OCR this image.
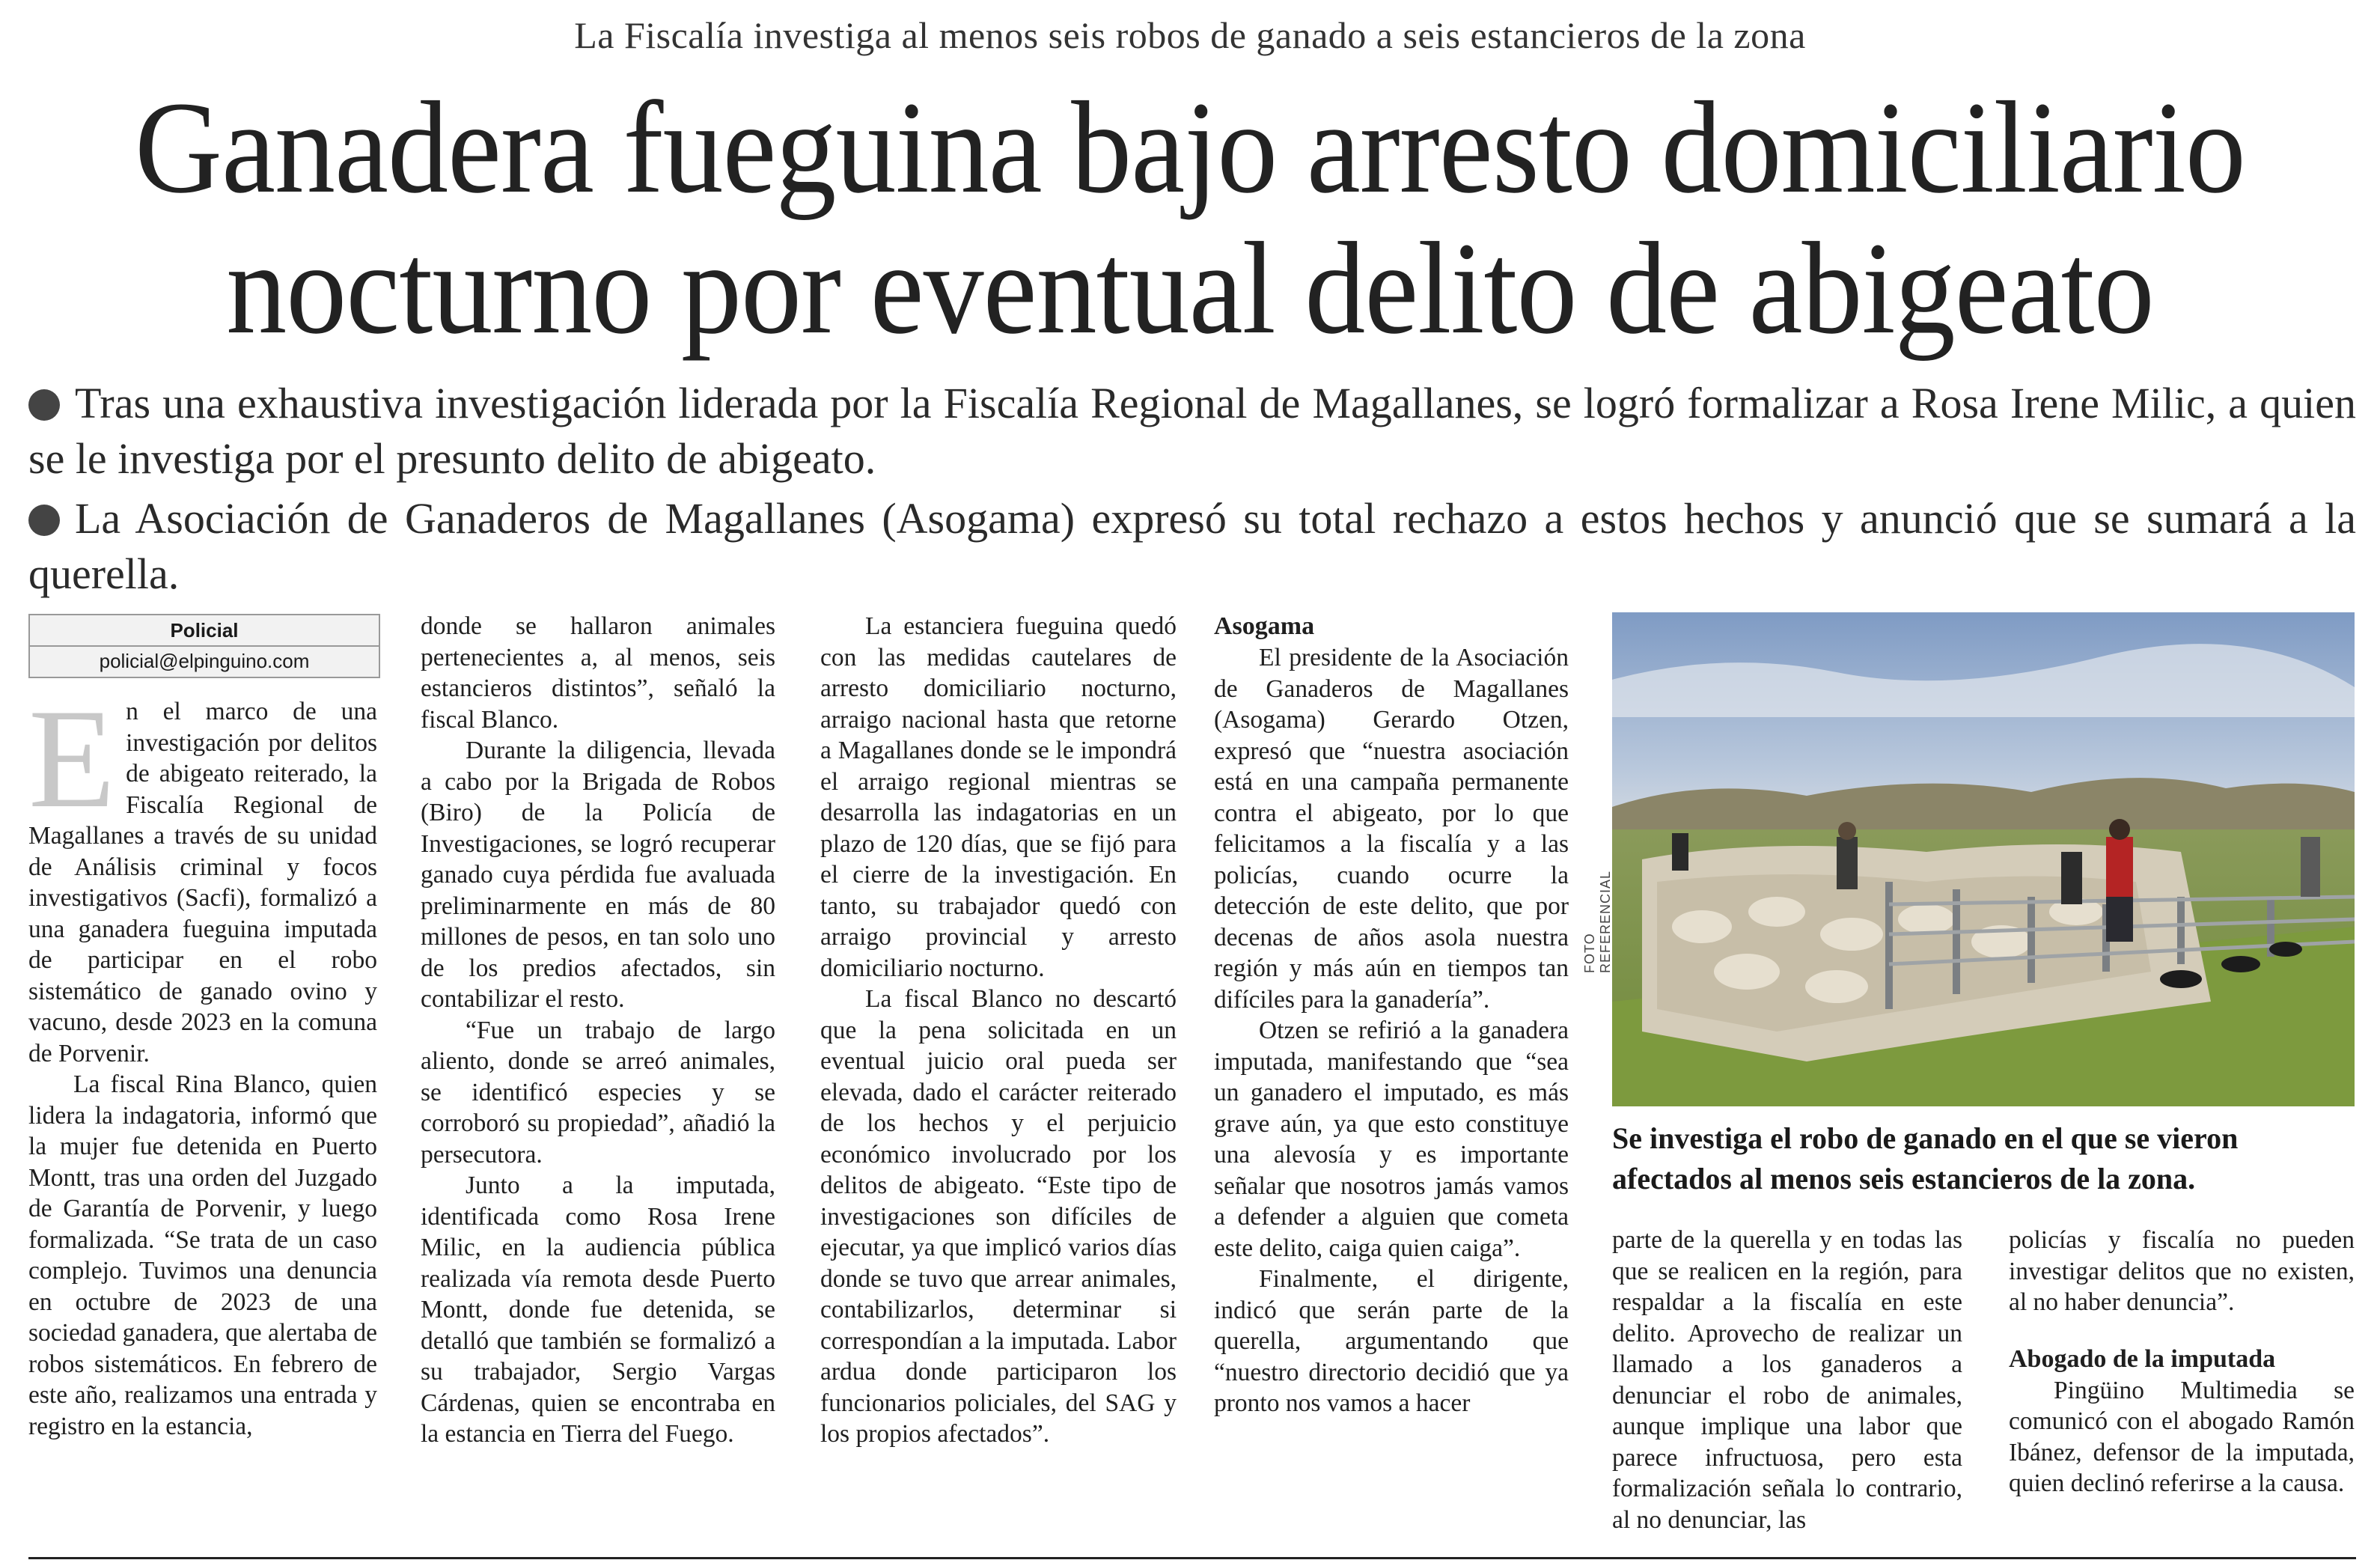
La Fiscalía investiga al menos seis robos de ganado a seis estancieros de la zona
Ganadera fueguina bajo arresto domiciliario
nocturno por eventual delito de abigeato
Tras una exhaustiva investigación liderada por la Fiscalía Regional de Magallanes, se logró formalizar a Rosa Irene Milic, a quien se le investiga por el presunto delito de abigeato.
La Asociación de Ganaderos de Magallanes (Asogama) expresó su total rechazo a estos hechos y anunció que se sumará a la querella.
Policial
policial@elpinguino.com
E n el marco de una investigación por delitos de abigeato reiterado, la Fiscalía Regional de Magallanes a través de su unidad de Análisis criminal y focos investigativos (Sacfi), formalizó a una ganadera fueguina imputada de participar en el robo sistemático de ganado ovino y vacuno, desde 2023 en la comuna de Porvenir.

La fiscal Rina Blanco, quien lidera la indagatoria, informó que la mujer fue detenida en Puerto Montt, tras una orden del Juzgado de Garantía de Porvenir, y luego formalizada. “Se trata de un caso complejo. Tuvimos una denuncia en octubre de 2023 de una sociedad ganadera, que alertaba de robos sistemáticos. En febrero de este año, realizamos una entrada y registro en la estancia,

donde se hallaron animales pertenecientes a, al menos, seis estancieros distintos”, señaló la fiscal Blanco.

Durante la diligencia, llevada a cabo por la Brigada de Robos (Biro) de la Policía de Investigaciones, se logró recuperar ganado cuya pérdida fue avaluada preliminarmente en más de 80 millones de pesos, en tan solo uno de los predios afectados, sin contabilizar el resto.

“Fue un trabajo de largo aliento, donde se arreó animales, se identificó especies y se corroboró su propiedad”, añadió la persecutora.

Junto a la imputada, identificada como Rosa Irene Milic, en la audiencia pública realizada vía remota desde Puerto Montt, donde fue detenida, se detalló que también se formalizó a su trabajador, Sergio Vargas Cárdenas, quien se encontraba en la estancia en Tierra del Fuego.

La estanciera fueguina quedó con las medidas cautelares de arresto domiciliario nocturno, arraigo nacional hasta que retorne a Magallanes donde se le impondrá el arraigo regional mientras se desarrolla las indagatorias en un plazo de 120 días, que se fijó para el cierre de la investigación. En tanto, su trabajador quedó con arraigo provincial y arresto domiciliario nocturno.

La fiscal Blanco no descartó que la pena solicitada en un eventual juicio oral pueda ser elevada, dado el carácter reiterado de los hechos y el perjuicio económico involucrado por los delitos de abigeato. “Este tipo de investigaciones son difíciles de ejecutar, ya que implicó varios días donde se tuvo que arrear animales, contabilizarlos, determinar si correspondían a la imputada. Labor ardua donde participaron los funcionarios policiales, del SAG y los propios afectados”.

Asogama

El presidente de la Asociación de Ganaderos de Magallanes (Asogama) Gerardo Otzen, expresó que “nuestra asociación está en una campaña permanente contra el abigeato, por lo que felicitamos a la fiscalía y a las policías, cuando ocurre la detección de este delito, que por decenas de años asola nuestra región y más aún en tiempos tan difíciles para la ganadería”.

Otzen se refirió a la ganadera imputada, manifestando que “sea un ganadero el imputado, es más grave aún, ya que esto constituye una alevosía y es importante señalar que nosotros jamás vamos a defender a alguien que cometa este delito, caiga quien caiga”.

Finalmente, el dirigente, indicó que serán parte de la querella, argumentando que “nuestro directorio decidió que ya pronto nos vamos a hacer

FOTO REFERENCIAL
Se investiga el robo de ganado en el que se vieron afectados al menos seis estancieros de la zona.

parte de la querella y en todas las que se realicen en la región, para respaldar a la fiscalía en este delito. Aprovecho de realizar un llamado a los ganaderos a denunciar el robo de animales, aunque implique una labor que parece infructuosa, pero esta formalización señala lo contrario, al no denunciar, las

policías y fiscalía no pueden investigar delitos que no existen, al no haber denuncia”.

Abogado de la imputada

Pingüino Multimedia se comunicó con el abogado Ramón Ibánez, defensor de la imputada, quien declinó referirse a la causa.
